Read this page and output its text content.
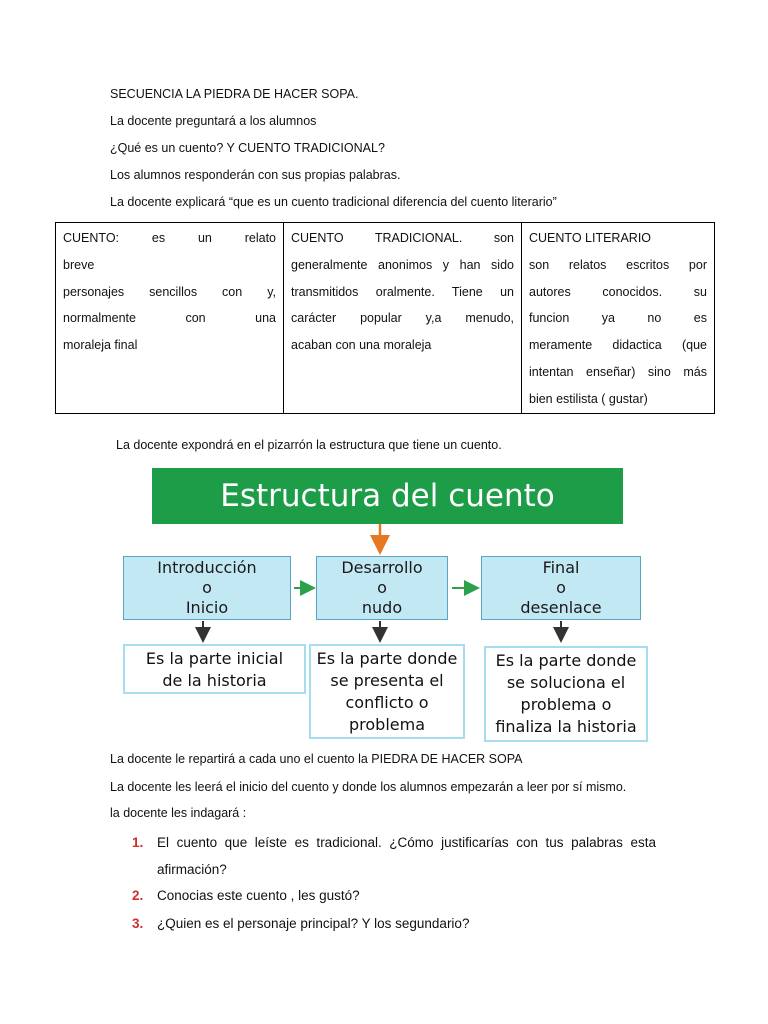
SECUENCIA LA PIEDRA DE HACER SOPA.
La docente preguntará a los alumnos
¿Qué es un cuento? Y CUENTO TRADICIONAL?
Los alumnos responderán con sus propias palabras.
La docente explicará “que es un cuento tradicional diferencia del cuento literario”
CUENTO: es un relato
breve
personajes sencillos con y,
normalmente con una
moraleja final

CUENTO TRADICIONAL. son
generalmente anonimos y han sido
transmitidos oralmente. Tiene un
carácter popular y,a menudo,
acaban con una moraleja

CUENTO LITERARIO
son relatos escritos por
autores conocidos. su
funcion ya no es
meramente didactica (que
intentan enseñar) sino más
bien estilista ( gustar)
La docente expondrá en el pizarrón la estructura que tiene un cuento.
Estructura del cuento
Introducción
o
Inicio
Desarrollo
o
nudo
Final
o
desenlace
Es la parte inicial
de la historia
Es la parte donde
se presenta el
conflicto o
problema
Es la parte donde
se soluciona el
problema o
finaliza la historia
La docente le repartirá a cada uno el cuento la PIEDRA DE HACER SOPA
La docente les leerá el inicio del cuento y donde los alumnos empezarán a leer por sí mismo.
la docente les indagará :
1. El cuento que leíste es tradicional. ¿Cómo justificarías con tus palabras esta
afirmación?
2. Conocias este cuento , les gustó?
3. ¿Quien es el personaje principal? Y los segundario?
